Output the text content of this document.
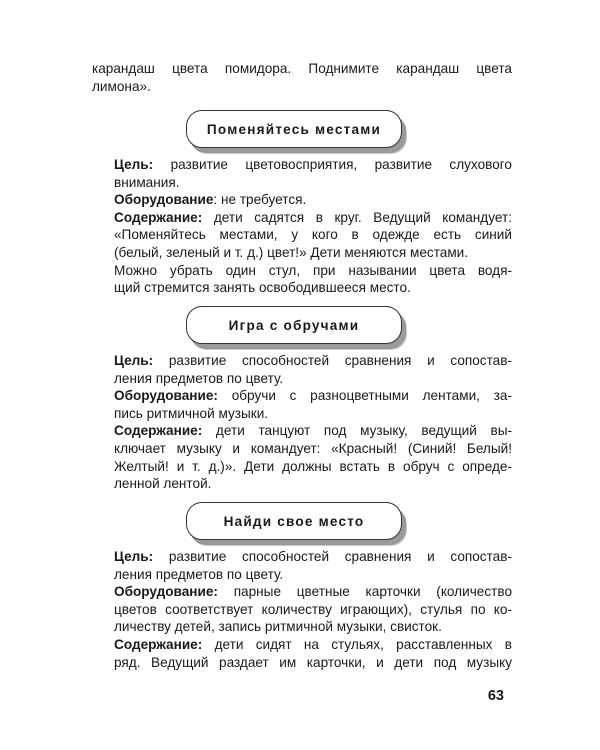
карандаш цвета помидора. Поднимите карандаш цвета
лимона».
Поменяйтесь местами

Цель: развитие цветовосприятия, развитие слухового
внимания.

Оборудование: не требуется.

Содержание: дети садятся в круг. Ведущий командует:
«Поменяйтесь местами, у кого в одежде есть синий
(белый, зеленый и т. д.) цвет!» Дети меняются местами.

Можно убрать один стул, при назывании цвета водя-
щий стремится занять освободившееся место.

Игра с обручами

Цель: развитие способностей сравнения и сопостав-
ления предметов по цвету.

Оборудование: обручи с разноцветными лентами, за-
пись ритмичной музыки.

Содержание: дети танцуют под музыку, ведущий вы-
ключает музыку и командует: «Красный! (Синий! Белый!
Желтый! и т. д.)». Дети должны встать в обруч с опреде-
ленной лентой.

Найди свое место

Цель: развитие способностей сравнения и сопостав-
ления предметов по цвету.

Оборудование: парные цветные карточки (количество
цветов соответствует количеству играющих), стулья по ко-
личеству детей, запись ритмичной музыки, свисток.

Содержание: дети сидят на стульях, расставленных в
ряд. Ведущий раздает им карточки, и дети под музыку

63
